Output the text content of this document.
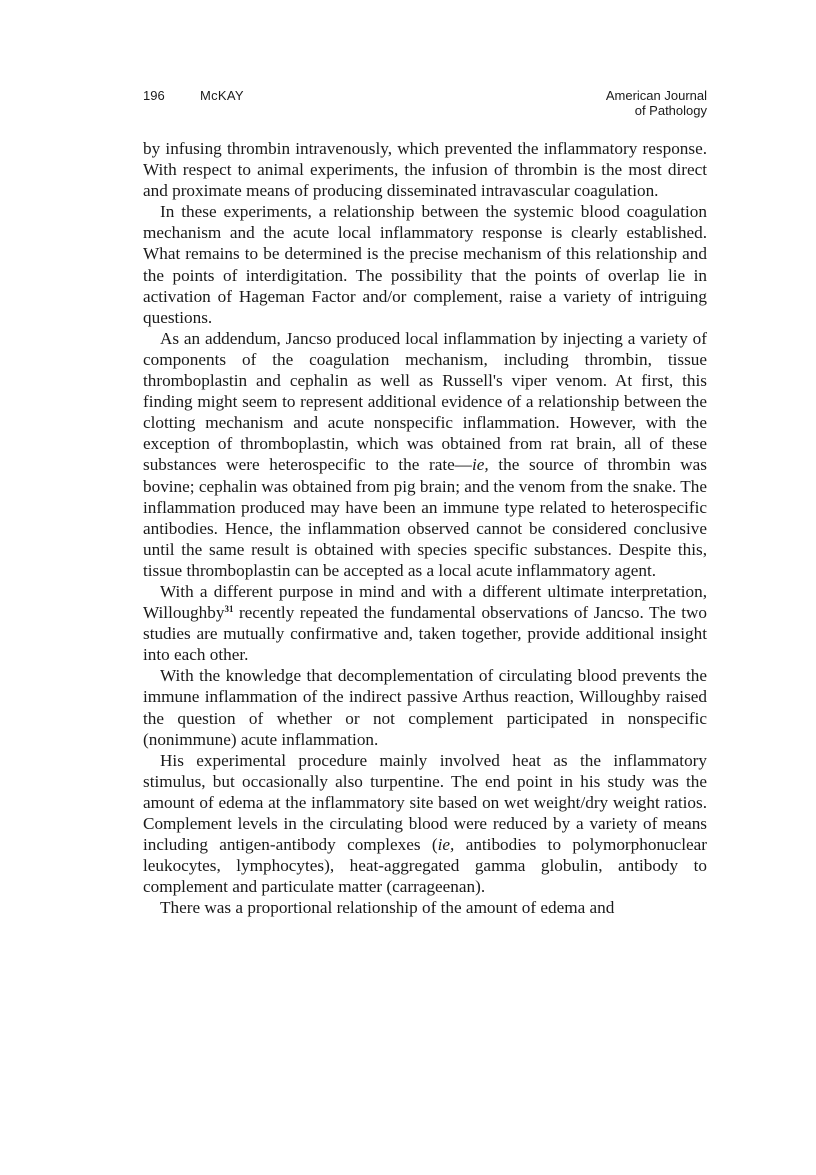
196	McKAY	American Journal
of Pathology

by infusing thrombin intravenously, which prevented the inflammatory response. With respect to animal experiments, the infusion of thrombin is the most direct and proximate means of producing disseminated intravascular coagulation.

In these experiments, a relationship between the systemic blood coagulation mechanism and the acute local inflammatory response is clearly established. What remains to be determined is the precise mechanism of this relationship and the points of interdigitation. The possibility that the points of overlap lie in activation of Hageman Factor and/or complement, raise a variety of intriguing questions.

As an addendum, Jancso produced local inflammation by injecting a variety of components of the coagulation mechanism, including thrombin, tissue thromboplastin and cephalin as well as Russell's viper venom. At first, this finding might seem to represent additional evidence of a relationship between the clotting mechanism and acute nonspecific inflammation. However, with the exception of thromboplastin, which was obtained from rat brain, all of these substances were heterospecific to the rate—ie, the source of thrombin was bovine; cephalin was obtained from pig brain; and the venom from the snake. The inflammation produced may have been an immune type related to heterospecific antibodies. Hence, the inflammation observed cannot be considered conclusive until the same result is obtained with species specific substances. Despite this, tissue thromboplastin can be accepted as a local acute inflammatory agent.

With a different purpose in mind and with a different ultimate interpretation, Willoughby$^{31}$ recently repeated the fundamental observations of Jancso. The two studies are mutually confirmative and, taken together, provide additional insight into each other.

With the knowledge that decomplementation of circulating blood prevents the immune inflammation of the indirect passive Arthus reaction, Willoughby raised the question of whether or not complement participated in nonspecific (nonimmune) acute inflammation.

His experimental procedure mainly involved heat as the inflammatory stimulus, but occasionally also turpentine. The end point in his study was the amount of edema at the inflammatory site based on wet weight/dry weight ratios. Complement levels in the circulating blood were reduced by a variety of means including antigen-antibody complexes (ie, antibodies to polymorphonuclear leukocytes, lymphocytes), heat-aggregated gamma globulin, antibody to complement and particulate matter (carrageenan).

There was a proportional relationship of the amount of edema and
